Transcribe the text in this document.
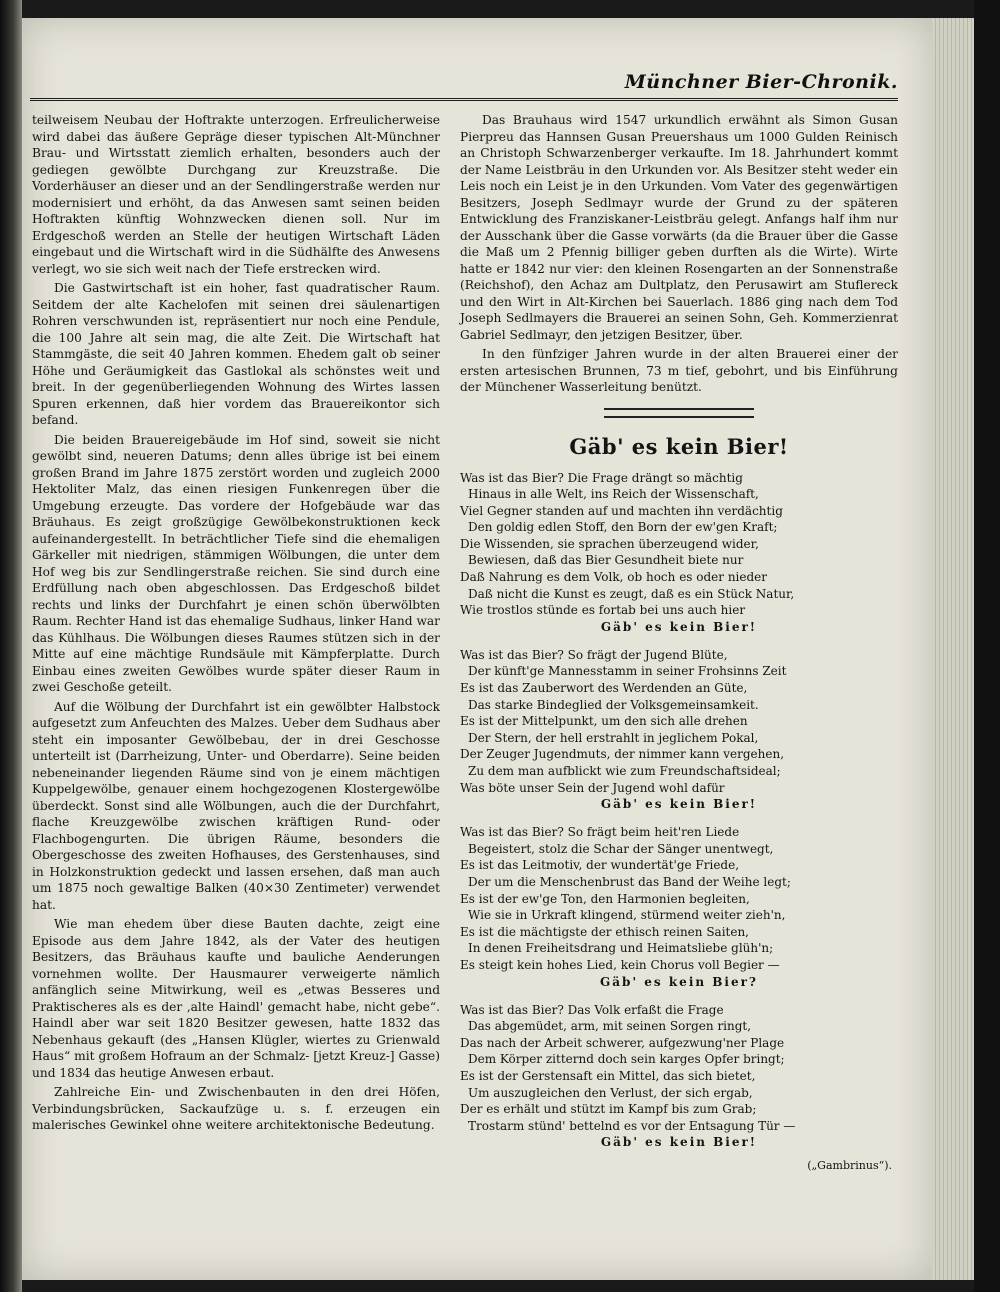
Münchner Bier-Chronik.

teilweisem Neubau der Hoftrakte unterzogen. Erfreulicherweise wird dabei das äußere Gepräge dieser typischen Alt-Münchner Brau- und Wirtsstatt ziemlich erhalten, besonders auch der gediegen gewölbte Durchgang zur Kreuzstraße. Die Vorderhäuser an dieser und an der Sendlingerstraße werden nur modernisiert und erhöht, da das Anwesen samt seinen beiden Hoftrakten künftig Wohnzwecken dienen soll. Nur im Erdgeschoß werden an Stelle der heutigen Wirtschaft Läden eingebaut und die Wirtschaft wird in die Südhälfte des Anwesens verlegt, wo sie sich weit nach der Tiefe erstrecken wird.

Die Gastwirtschaft ist ein hoher, fast quadratischer Raum. Seitdem der alte Kachelofen mit seinen drei säulenartigen Rohren verschwunden ist, repräsentiert nur noch eine Pendule, die 100 Jahre alt sein mag, die alte Zeit. Die Wirtschaft hat Stammgäste, die seit 40 Jahren kommen. Ehedem galt ob seiner Höhe und Geräumigkeit das Gastlokal als schönstes weit und breit. In der gegenüberliegenden Wohnung des Wirtes lassen Spuren erkennen, daß hier vordem das Brauereikontor sich befand.

Die beiden Brauereigebäude im Hof sind, soweit sie nicht gewölbt sind, neueren Datums; denn alles übrige ist bei einem großen Brand im Jahre 1875 zerstört worden und zugleich 2000 Hektoliter Malz, das einen riesigen Funkenregen über die Umgebung erzeugte. Das vordere der Hofgebäude war das Bräuhaus. Es zeigt großzügige Gewölbekonstruktionen keck aufeinandergestellt. In beträchtlicher Tiefe sind die ehemaligen Gärkeller mit niedrigen, stämmigen Wölbungen, die unter dem Hof weg bis zur Sendlingerstraße reichen. Sie sind durch eine Erdfüllung nach oben abgeschlossen. Das Erdgeschoß bildet rechts und links der Durchfahrt je einen schön überwölbten Raum. Rechter Hand ist das ehemalige Sudhaus, linker Hand war das Kühlhaus. Die Wölbungen dieses Raumes stützen sich in der Mitte auf eine mächtige Rundsäule mit Kämpferplatte. Durch Einbau eines zweiten Gewölbes wurde später dieser Raum in zwei Geschoße geteilt.

Auf die Wölbung der Durchfahrt ist ein gewölbter Halbstock aufgesetzt zum Anfeuchten des Malzes. Ueber dem Sudhaus aber steht ein imposanter Gewölbebau, der in drei Geschosse unterteilt ist (Darrheizung, Unter- und Oberdarre). Seine beiden nebeneinander liegenden Räume sind von je einem mächtigen Kuppelgewölbe, genauer einem hochgezogenen Klostergewölbe überdeckt. Sonst sind alle Wölbungen, auch die der Durchfahrt, flache Kreuzgewölbe zwischen kräftigen Rund- oder Flachbogengurten. Die übrigen Räume, besonders die Obergeschosse des zweiten Hofhauses, des Gerstenhauses, sind in Holzkonstruktion gedeckt und lassen ersehen, daß man auch um 1875 noch gewaltige Balken (40×30 Zentimeter) verwendet hat.

Wie man ehedem über diese Bauten dachte, zeigt eine Episode aus dem Jahre 1842, als der Vater des heutigen Besitzers, das Bräuhaus kaufte und bauliche Aenderungen vornehmen wollte. Der Hausmaurer verweigerte nämlich anfänglich seine Mitwirkung, weil es „etwas Besseres und Praktischeres als es der ‚alte Haindl' gemacht habe, nicht gebe“. Haindl aber war seit 1820 Besitzer gewesen, hatte 1832 das Nebenhaus gekauft (des „Hansen Klügler, wiertes zu Grienwald Haus“ mit großem Hofraum an der Schmalz- [jetzt Kreuz-] Gasse) und 1834 das heutige Anwesen erbaut.

Zahlreiche Ein- und Zwischenbauten in den drei Höfen, Verbindungsbrücken, Sackaufzüge u. s. f. erzeugen ein malerisches Gewinkel ohne weitere architektonische Bedeutung.

Das Brauhaus wird 1547 urkundlich erwähnt als Simon Gusan Pierpreu das Hannsen Gusan Preuershaus um 1000 Gulden Reinisch an Christoph Schwarzenberger verkaufte. Im 18. Jahrhundert kommt der Name Leistbräu in den Urkunden vor. Als Besitzer steht weder ein Leis noch ein Leist je in den Urkunden. Vom Vater des gegenwärtigen Besitzers, Joseph Sedlmayr wurde der Grund zu der späteren Entwicklung des Franziskaner-Leistbräu gelegt. Anfangs half ihm nur der Ausschank über die Gasse vorwärts (da die Brauer über die Gasse die Maß um 2 Pfennig billiger geben durften als die Wirte). Wirte hatte er 1842 nur vier: den kleinen Rosengarten an der Sonnenstraße (Reichshof), den Achaz am Dultplatz, den Perusawirt am Stuflereck und den Wirt in Alt-Kirchen bei Sauerlach. 1886 ging nach dem Tod Joseph Sedlmayers die Brauerei an seinen Sohn, Geh. Kommerzienrat Gabriel Sedlmayr, den jetzigen Besitzer, über.

In den fünfziger Jahren wurde in der alten Brauerei einer der ersten artesischen Brunnen, 73 m tief, gebohrt, und bis Einführung der Münchener Wasserleitung benützt.

Gäb' es kein Bier!
Was ist das Bier? Die Frage drängt so mächtig
Hinaus in alle Welt, ins Reich der Wissenschaft,
Viel Gegner standen auf und machten ihn verdächtig
Den goldig edlen Stoff, den Born der ew'gen Kraft;
Die Wissenden, sie sprachen überzeugend wider,
Bewiesen, daß das Bier Gesundheit biete nur
Daß Nahrung es dem Volk, ob hoch es oder nieder
Daß nicht die Kunst es zeugt, daß es ein Stück Natur,
Wie trostlos stünde es fortab bei uns auch hier
Gäb' es kein Bier!
Was ist das Bier? So frägt der Jugend Blüte,
Der künft'ge Mannesstamm in seiner Frohsinns Zeit
Es ist das Zauberwort des Werdenden an Güte,
Das starke Bindeglied der Volksgemeinsamkeit.
Es ist der Mittelpunkt, um den sich alle drehen
Der Stern, der hell erstrahlt in jeglichem Pokal,
Der Zeuger Jugendmuts, der nimmer kann vergehen,
Zu dem man aufblickt wie zum Freundschaftsideal;
Was böte unser Sein der Jugend wohl dafür
Gäb' es kein Bier!
Was ist das Bier? So frägt beim heit'ren Liede
Begeistert, stolz die Schar der Sänger unentwegt,
Es ist das Leitmotiv, der wundertät'ge Friede,
Der um die Menschenbrust das Band der Weihe legt;
Es ist der ew'ge Ton, den Harmonien begleiten,
Wie sie in Urkraft klingend, stürmend weiter zieh'n,
Es ist die mächtigste der ethisch reinen Saiten,
In denen Freiheitsdrang und Heimatsliebe glüh'n;
Es steigt kein hohes Lied, kein Chorus voll Begier —
Gäb' es kein Bier?
Was ist das Bier? Das Volk erfaßt die Frage
Das abgemüdet, arm, mit seinen Sorgen ringt,
Das nach der Arbeit schwerer, aufgezwung'ner Plage
Dem Körper zitternd doch sein karges Opfer bringt;
Es ist der Gerstensaft ein Mittel, das sich bietet,
Um auszugleichen den Verlust, der sich ergab,
Der es erhält und stützt im Kampf bis zum Grab;
Trostarm stünd' bettelnd es vor der Entsagung Tür —
Gäb' es kein Bier!
(„Gambrinus“).
